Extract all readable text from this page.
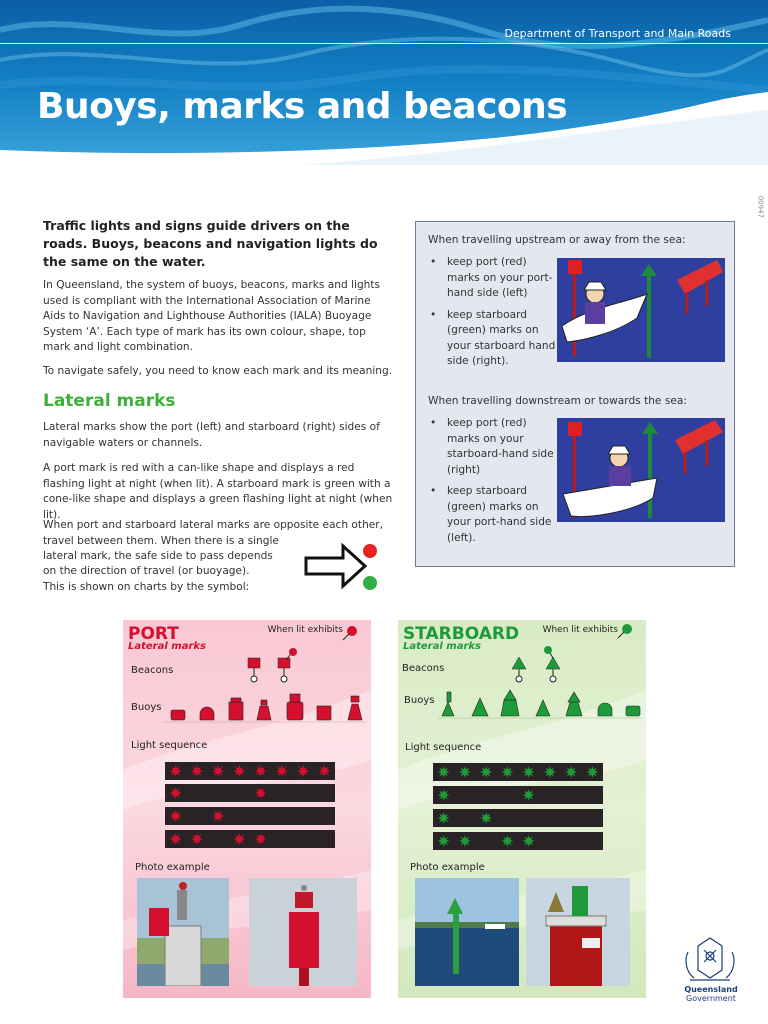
Department of Transport and Main Roads
Buoys, marks and beacons
00947
Traffic lights and signs guide drivers on the roads. Buoys, beacons and navigation lights do the same on the water.
In Queensland, the system of buoys, beacons, marks and lights used is compliant with the International Association of Marine Aids to Navigation and Lighthouse Authorities (IALA) Buoyage System ‘A’. Each type of mark has its own colour, shape, top mark and light combination.
To navigate safely, you need to know each mark and its meaning.
Lateral marks
Lateral marks show the port (left) and starboard (right) sides of navigable waters or channels.
A port mark is red with a can-like shape and displays a red flashing light at night (when lit). A starboard mark is green with a cone-like shape and displays a green flashing light at night (when lit).
When port and starboard lateral marks are opposite each other, travel between them. When there is a single
lateral mark, the safe side to pass depends
on the direction of travel (or buoyage).
This is shown on charts by the symbol:
When travelling upstream or away from the sea:
• keep port (red) marks on your port-hand side (left)
• keep starboard (green) marks on your starboard hand side (right).
When travelling downstream or towards the sea:
• keep port (red) marks on your starboard-hand side (right)
• keep starboard (green) marks on your port-hand side (left).
PORT
Lateral marks
When lit exhibits
Beacons
Buoys
Light sequence
Photo example
STARBOARD
Lateral marks
When lit exhibits
Beacons
Buoys
Light sequence
Photo example
Queensland
Government
